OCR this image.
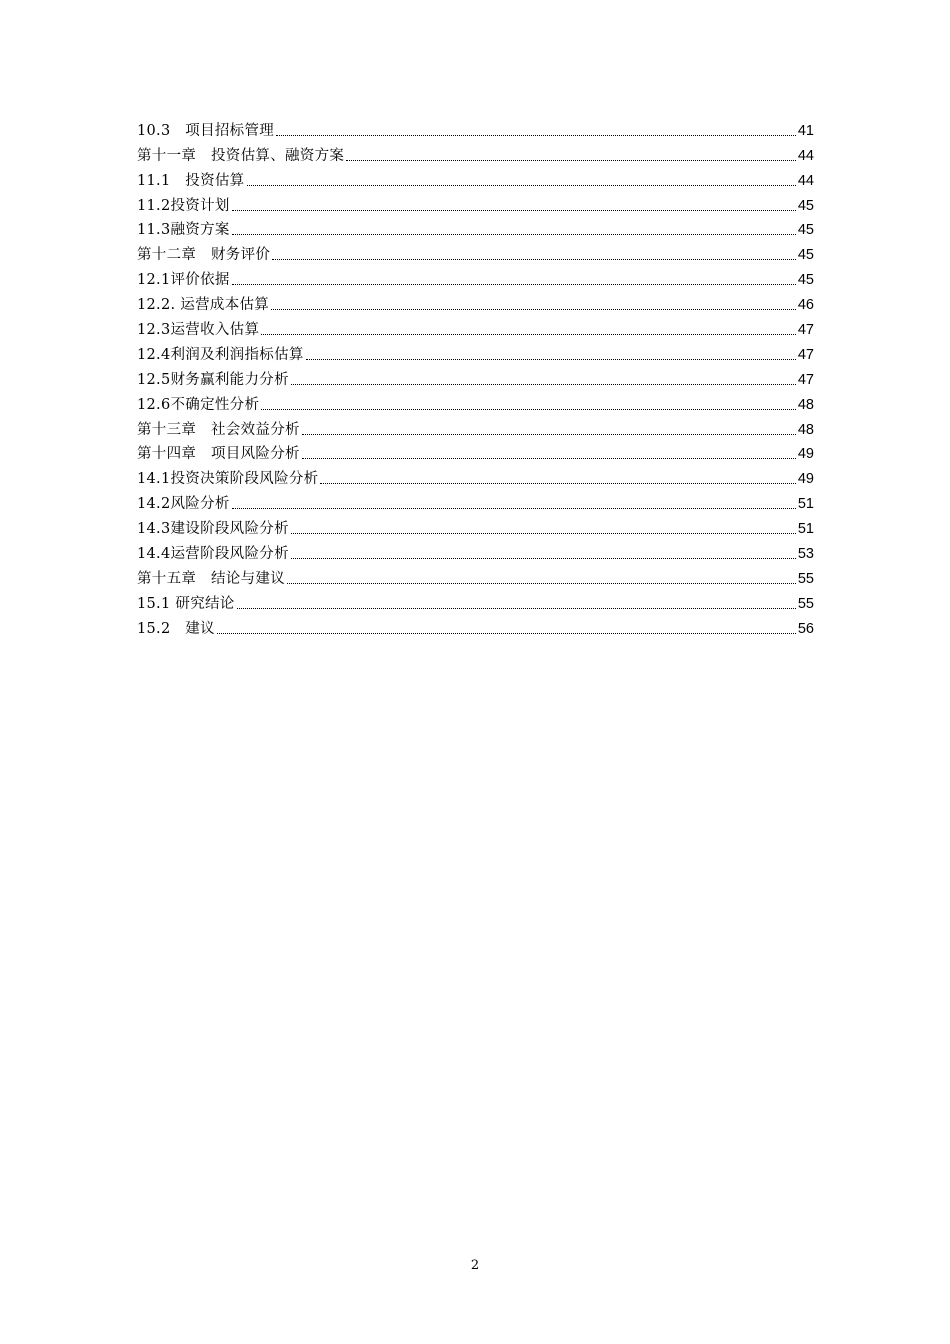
10.3　项目招标管理	41
第十一章　投资估算、融资方案	44
11.1　投资估算	44
11.2投资计划	45
11.3融资方案	45
第十二章　财务评价	45
12.1评价依据	45
12.2. 运营成本估算	46
12.3运营收入估算	47
12.4利润及利润指标估算	47
12.5财务赢利能力分析	47
12.6不确定性分析	48
第十三章　社会效益分析	48
第十四章　项目风险分析	49
14.1投资决策阶段风险分析	49
14.2风险分析	51
14.3建设阶段风险分析	51
14.4运营阶段风险分析	53
第十五章　结论与建议	55
15.1 研究结论	55
15.2　建议	56
2
